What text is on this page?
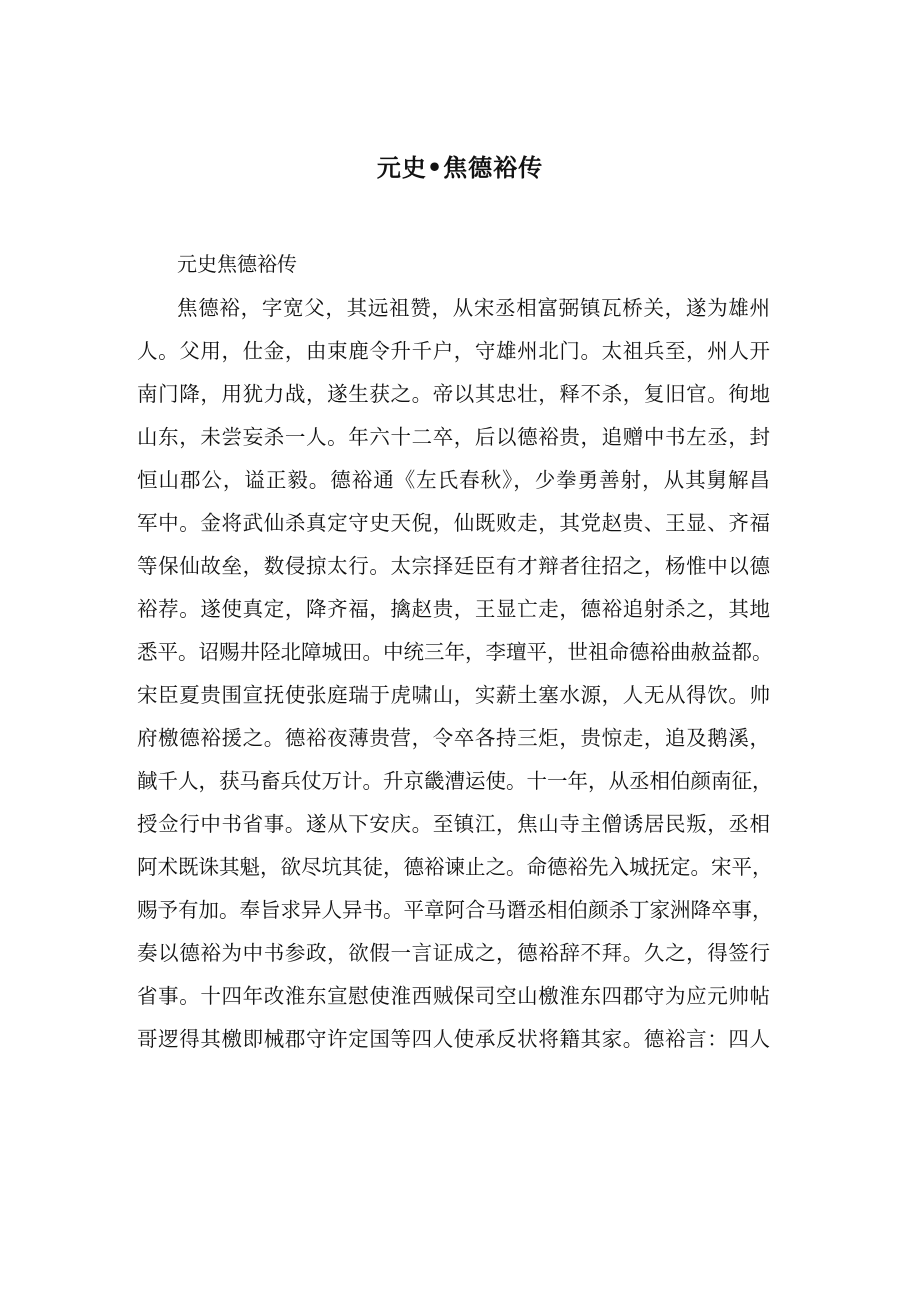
元史•焦德裕传
元史焦德裕传
焦德裕，字宽父，其远祖赞，从宋丞相富弼镇瓦桥关，遂为雄州
人。父用，仕金，由束鹿令升千户，守雄州北门。太祖兵至，州人开
南门降，用犹力战，遂生获之。帝以其忠壮，释不杀，复旧官。徇地
山东，未尝妄杀一人。年六十二卒，后以德裕贵，追赠中书左丞，封
恒山郡公，谥正毅。德裕通《左氏春秋》，少拳勇善射，从其舅解昌
军中。金将武仙杀真定守史天倪，仙既败走，其党赵贵、王显、齐福
等保仙故垒，数侵掠太行。太宗择廷臣有才辩者往招之，杨惟中以德
裕荐。遂使真定，降齐福，擒赵贵，王显亡走，德裕追射杀之，其地
悉平。诏赐井陉北障城田。中统三年，李璮平，世祖命德裕曲赦益都。
宋臣夏贵围宣抚使张庭瑞于虎啸山，实薪土塞水源，人无从得饮。帅
府檄德裕援之。德裕夜薄贵营，令卒各持三炬，贵惊走，追及鹅溪，
馘千人，获马畜兵仗万计。升京畿漕运使。十一年，从丞相伯颜南征，
授佥行中书省事。遂从下安庆。至镇江，焦山寺主僧诱居民叛，丞相
阿术既诛其魁，欲尽坑其徒，德裕谏止之。命德裕先入城抚定。宋平，
赐予有加。奉旨求异人异书。平章阿合马谮丞相伯颜杀丁家洲降卒事，
奏以德裕为中书参政，欲假一言证成之，德裕辞不拜。久之，得签行
省事。十四年改淮东宣慰使淮西贼保司空山檄淮东四郡守为应元帅帖
哥逻得其檄即械郡守许定国等四人使承反状将籍其家。德裕言：四人
